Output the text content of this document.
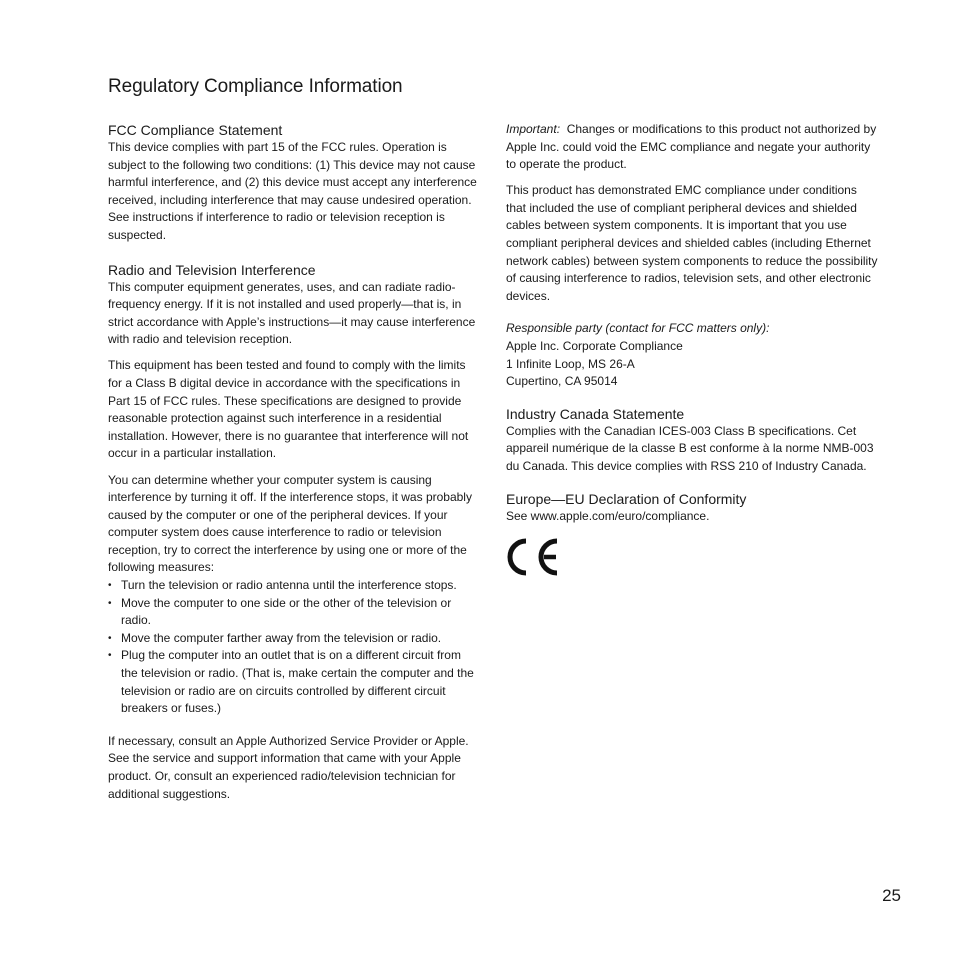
Regulatory Compliance Information
FCC Compliance Statement

This device complies with part 15 of the FCC rules. Operation is subject to the following two conditions: (1) This device may not cause harmful interference, and (2) this device must accept any interference received, including interference that may cause undesired operation. See instructions if interference to radio or television reception is suspected.

Radio and Television Interference

This computer equipment generates, uses, and can radiate radio-frequency energy. If it is not installed and used properly—that is, in strict accordance with Apple’s instructions—it may cause interference with radio and television reception.

This equipment has been tested and found to comply with the limits for a Class B digital device in accordance with the specifications in Part 15 of FCC rules. These specifications are designed to provide reasonable protection against such interference in a residential installation. However, there is no guarantee that interference will not occur in a particular installation.

You can determine whether your computer system is causing interference by turning it off. If the interference stops, it was probably caused by the computer or one of the peripheral devices. If your computer system does cause interference to radio or television reception, try to correct the interference by using one or more of the following measures:

• Turn the television or radio antenna until the interference stops.
• Move the computer to one side or the other of the television or radio.
• Move the computer farther away from the television or radio.
• Plug the computer into an outlet that is on a different circuit from the television or radio. (That is, make certain the computer and the television or radio are on circuits controlled by different circuit breakers or fuses.)

If necessary, consult an Apple Authorized Service Provider or Apple. See the service and support information that came with your Apple product. Or, consult an experienced radio/television technician for additional suggestions.

Important: Changes or modifications to this product not authorized by Apple Inc. could void the EMC compliance and negate your authority to operate the product.

This product has demonstrated EMC compliance under conditions that included the use of compliant peripheral devices and shielded cables between system components. It is important that you use compliant peripheral devices and shielded cables (including Ethernet network cables) between system components to reduce the possibility of causing interference to radios, television sets, and other electronic devices.

Responsible party (contact for FCC matters only):
Apple Inc. Corporate Compliance
1 Infinite Loop, MS 26-A
Cupertino, CA 95014
Industry Canada Statemente

Complies with the Canadian ICES-003 Class B specifications. Cet appareil numérique de la classe B est conforme à la norme NMB-003 du Canada. This device complies with RSS 210 of Industry Canada.

Europe—EU Declaration of Conformity

See www.apple.com/euro/compliance.

25
